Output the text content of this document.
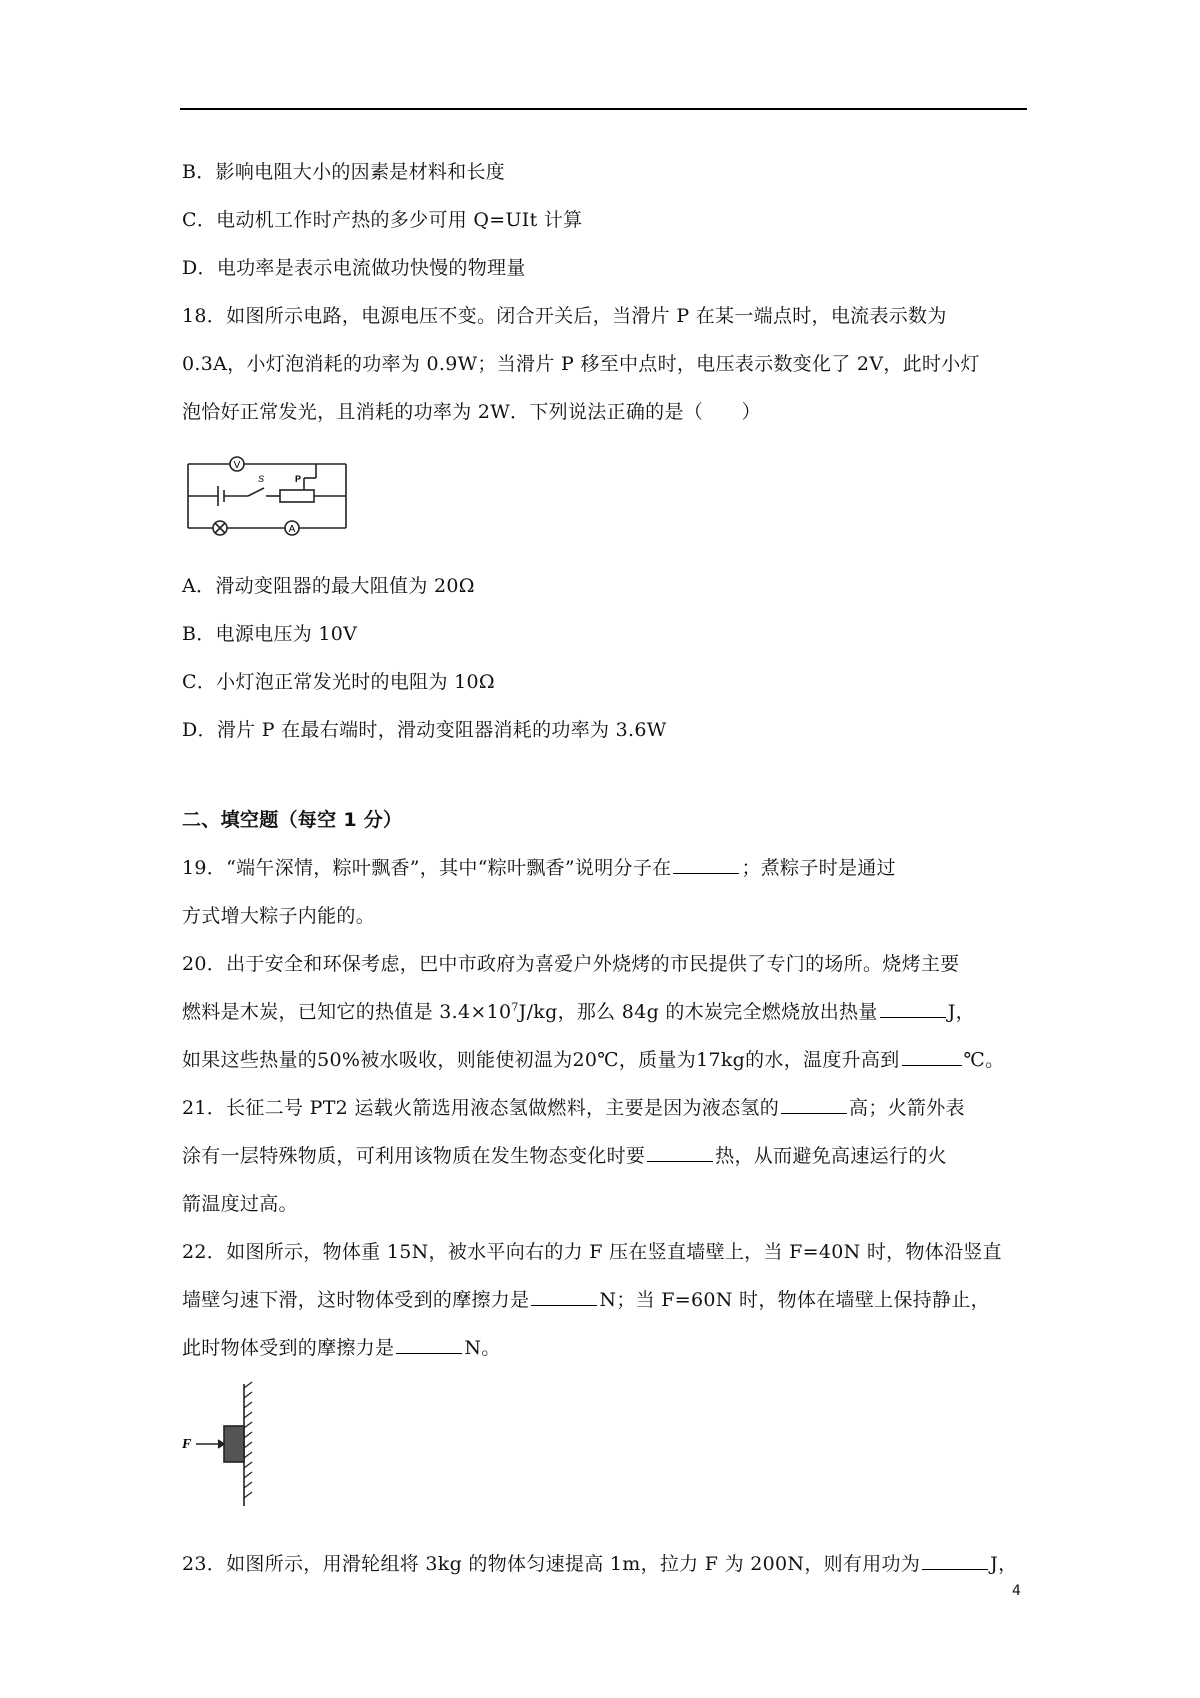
B．影响电阻大小的因素是材料和长度
C．电动机工作时产热的多少可用 Q=UIt 计算
D．电功率是表示电流做功快慢的物理量
18．如图所示电路，电源电压不变。闭合开关后，当滑片 P 在某一端点时，电流表示数为
0.3A，小灯泡消耗的功率为 0.9W；当滑片 P 移至中点时，电压表示数变化了 2V，此时小灯
泡恰好正常发光，且消耗的功率为 2W．下列说法正确的是（　　）
V
S	P
A
A．滑动变阻器的最大阻值为 20Ω
B．电源电压为 10V
C．小灯泡正常发光时的电阻为 10Ω
D．滑片 P 在最右端时，滑动变阻器消耗的功率为 3.6W
二、填空题（每空 1 分）
19．“端午深情，粽叶飘香”，其中“粽叶飘香”说明分子在	；煮粽子时是通过
方式增大粽子内能的。
20．出于安全和环保考虑，巴中市政府为喜爱户外烧烤的市民提供了专门的场所。烧烤主要
燃料是木炭，已知它的热值是 $3.4\times 10^7J/kg$，那么 84g 的木炭完全燃烧放出热量	J，
如果这些热量的50%被水吸收，则能使初温为20℃，质量为17kg的水，温度升高到	℃。
21．长征二号 PT2 运载火箭选用液态氢做燃料，主要是因为液态氢的	高；火箭外表
涂有一层特殊物质，可利用该物质在发生物态变化时要	热，从而避免高速运行的火
箭温度过高。
22．如图所示，物体重 15N，被水平向右的力 F 压在竖直墙壁上，当 F=40N 时，物体沿竖直
墙壁匀速下滑，这时物体受到的摩擦力是	N；当 F=60N 时，物体在墙壁上保持静止，
此时物体受到的摩擦力是	N。
F
23．如图所示，用滑轮组将 3kg 的物体匀速提高 1m，拉力 F 为 200N，则有用功为	J，
4
